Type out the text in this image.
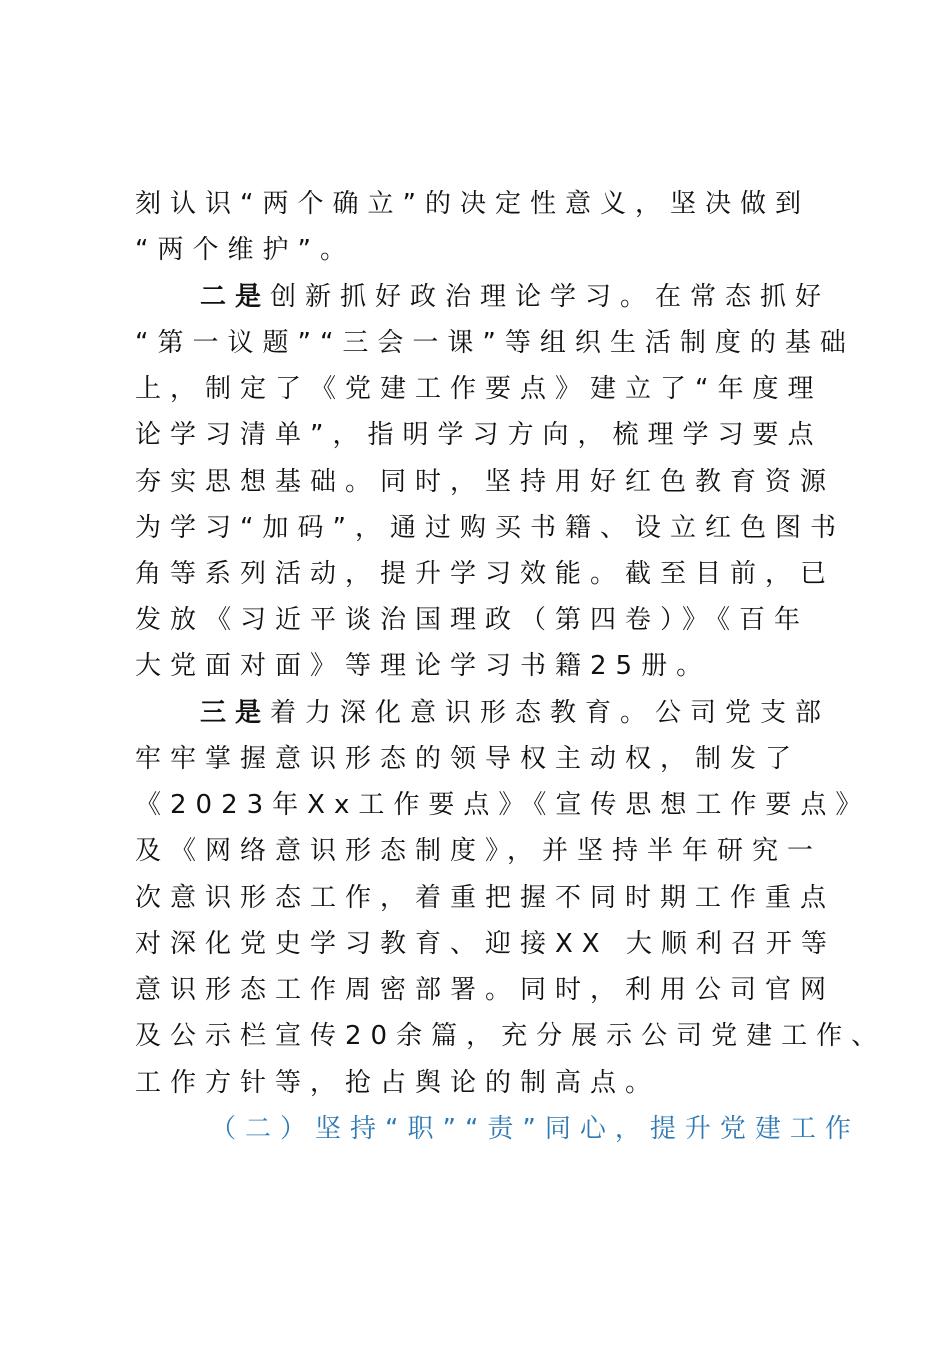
刻认识“两个确立”的决定性意义，坚决做到
“两个维护”。
二是创新抓好政治理论学习。在常态抓好
“第一议题”“三会一课”等组织生活制度的基础
上，制定了《党建工作要点》建立了“年度理
论学习清单”，指明学习方向，梳理学习要点
夯实思想基础。同时，坚持用好红色教育资源
为学习“加码”，通过购买书籍、设立红色图书
角等系列活动，提升学习效能。截至目前，已
发放《习近平谈治国理政（第四卷）》《百年
大党面对面》等理论学习书籍25册。
三是着力深化意识形态教育。公司党支部
牢牢掌握意识形态的领导权主动权，制发了
《2023年Xx工作要点》《宣传思想工作要点》
及《网络意识形态制度》，并坚持半年研究一
次意识形态工作，着重把握不同时期工作重点
对深化党史学习教育、迎接XX 大顺利召开等
意识形态工作周密部署。同时，利用公司官网
及公示栏宣传20余篇，充分展示公司党建工作、
工作方针等，抢占舆论的制高点。
（二）坚持“职”“责”同心，提升党建工作
